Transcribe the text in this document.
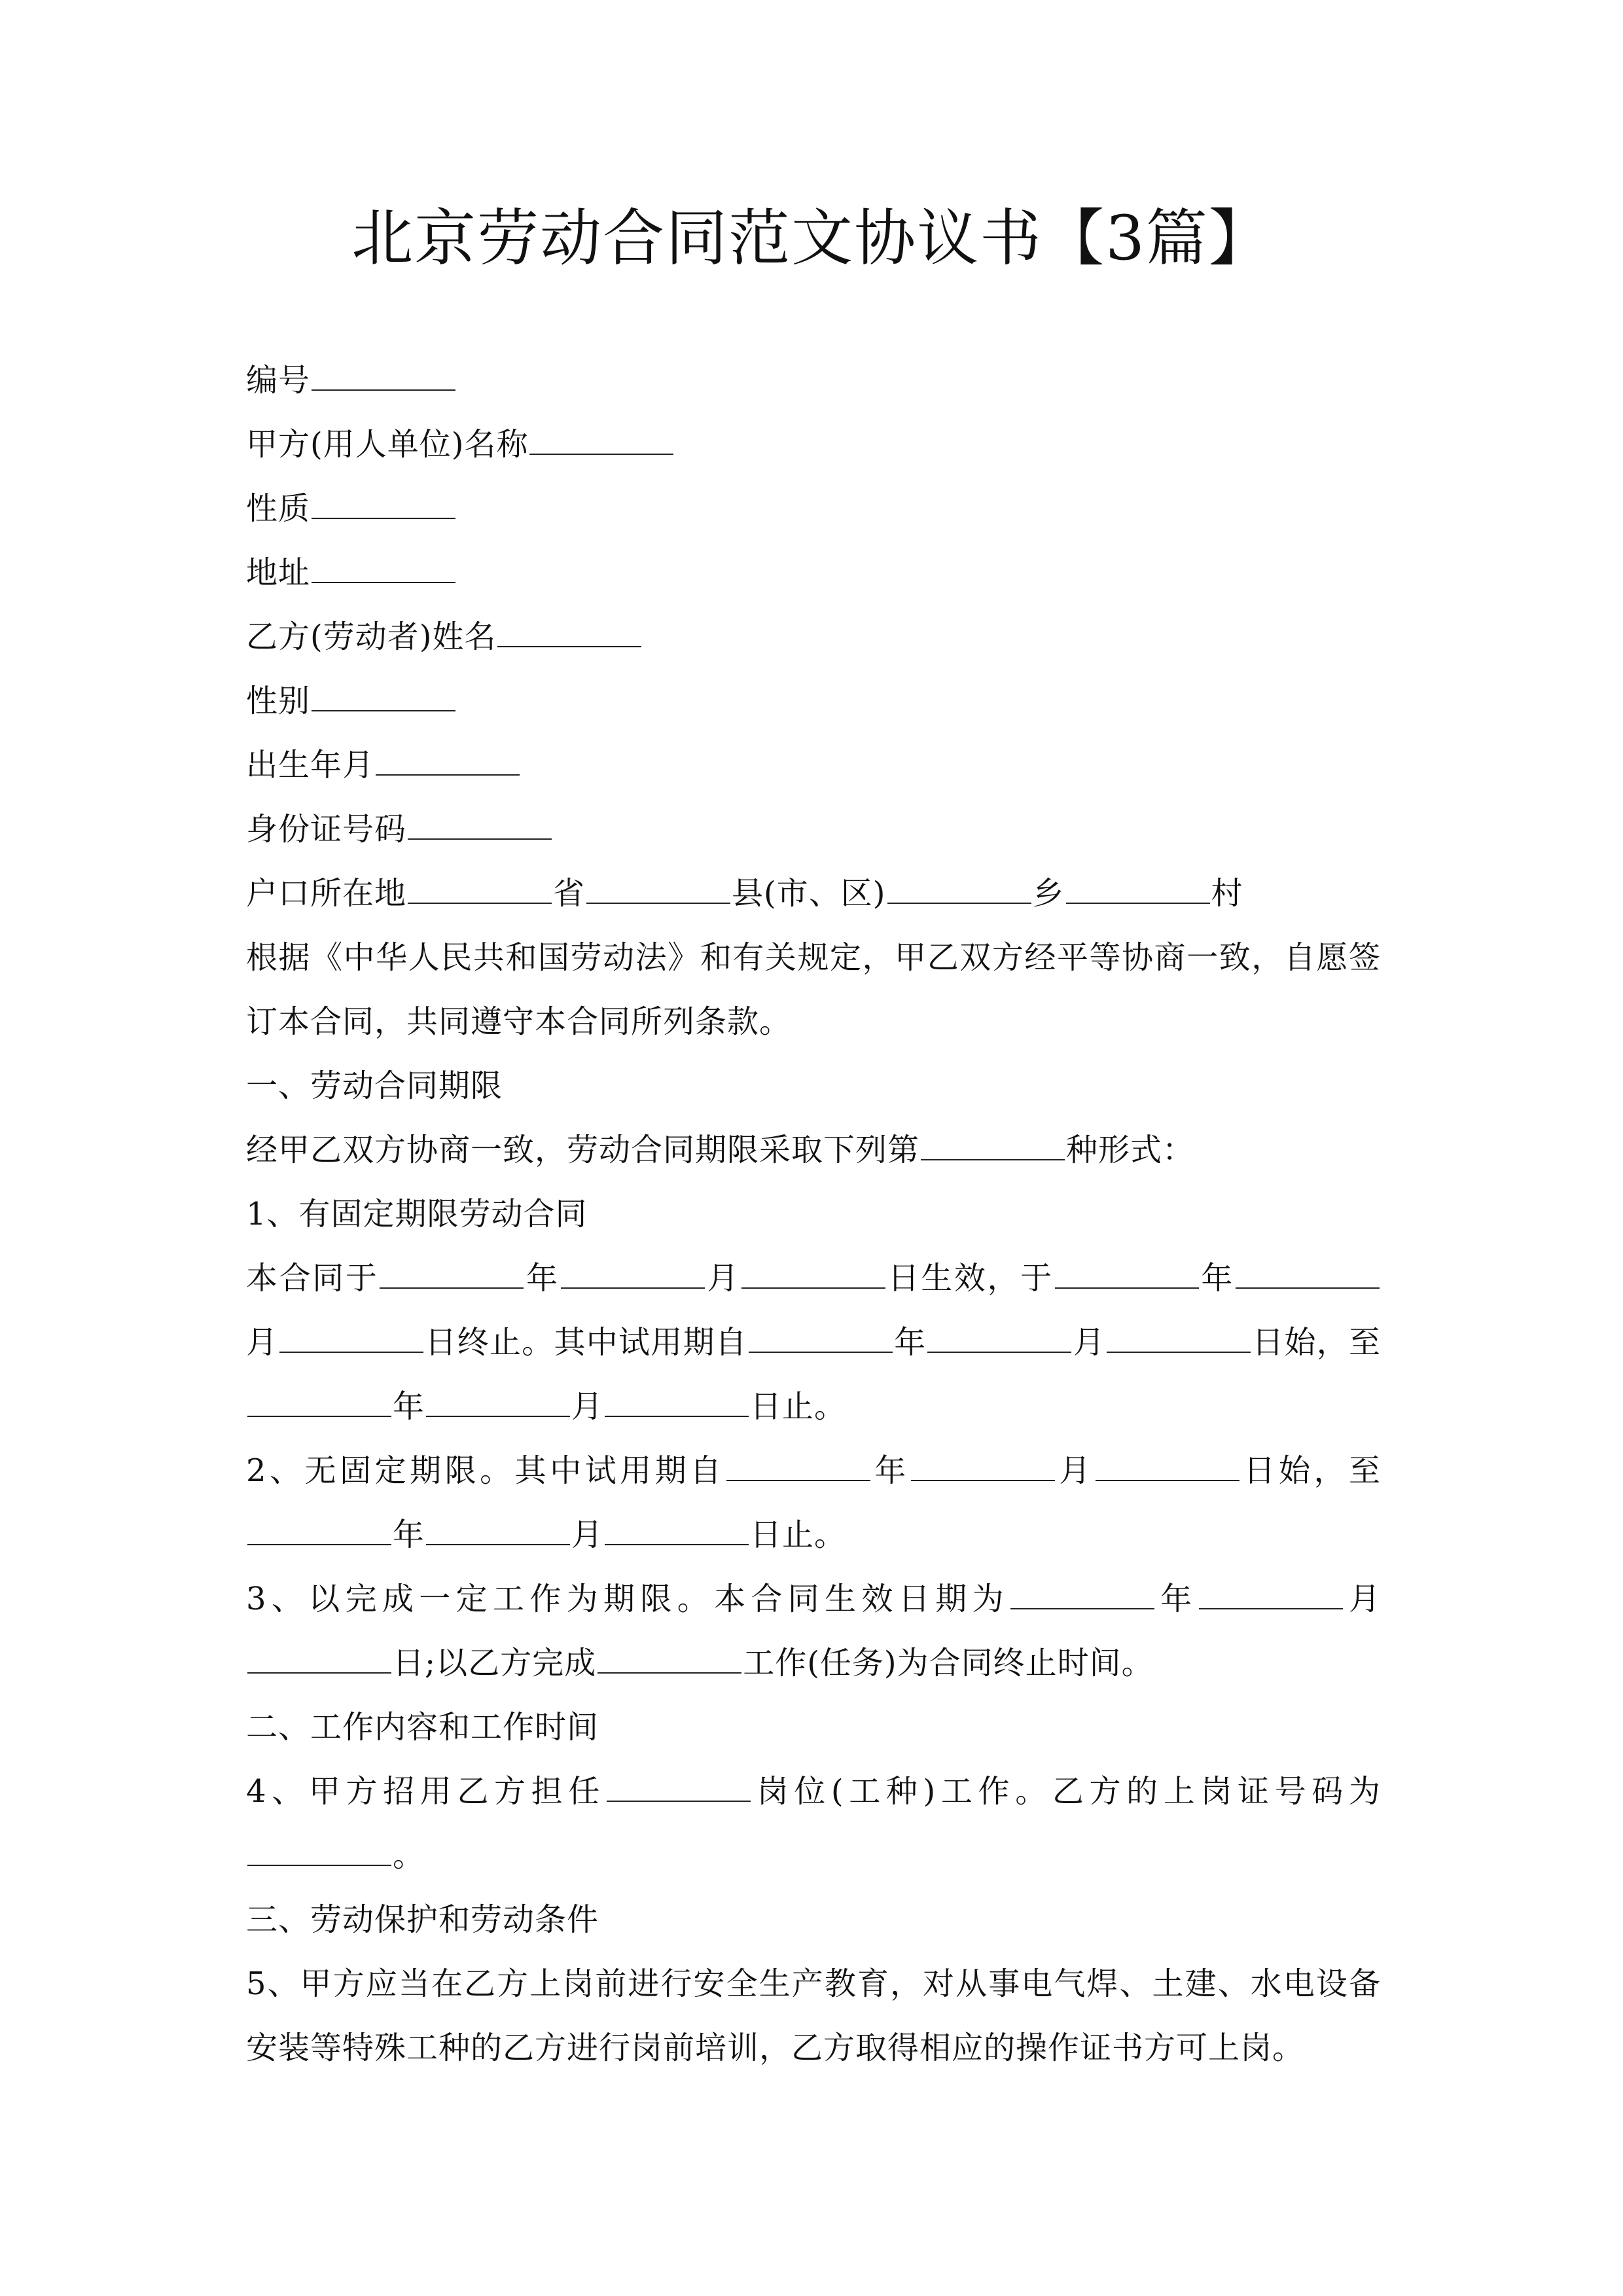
北京劳动合同范文协议书【3篇】
编号
甲方(用人单位)名称
性质
地址
乙方(劳动者)姓名
性别
出生年月
身份证号码
户口所在地	省	县(市、区)	乡	村
根据《中华人民共和国劳动法》和有关规定，甲乙双方经平等协商一致，自愿签
订本合同，共同遵守本合同所列条款。
一、劳动合同期限
经甲乙双方协商一致，劳动合同期限采取下列第	种形式：
1、有固定期限劳动合同
本合同于	年	月	日生效，于	年
月	日终止。其中试用期自	年	月	日始，至
年	月	日止。
2、无固定期限。其中试用期自	年	月	日始，至
年	月	日止。
3、以完成一定工作为期限。本合同生效日期为	年	月
日;以乙方完成	工作(任务)为合同终止时间。
二、工作内容和工作时间
4、甲方招用乙方担任	岗位(工种)工作。乙方的上岗证号码为
。
三、劳动保护和劳动条件
5、甲方应当在乙方上岗前进行安全生产教育，对从事电气焊、土建、水电设备
安装等特殊工种的乙方进行岗前培训，乙方取得相应的操作证书方可上岗。
